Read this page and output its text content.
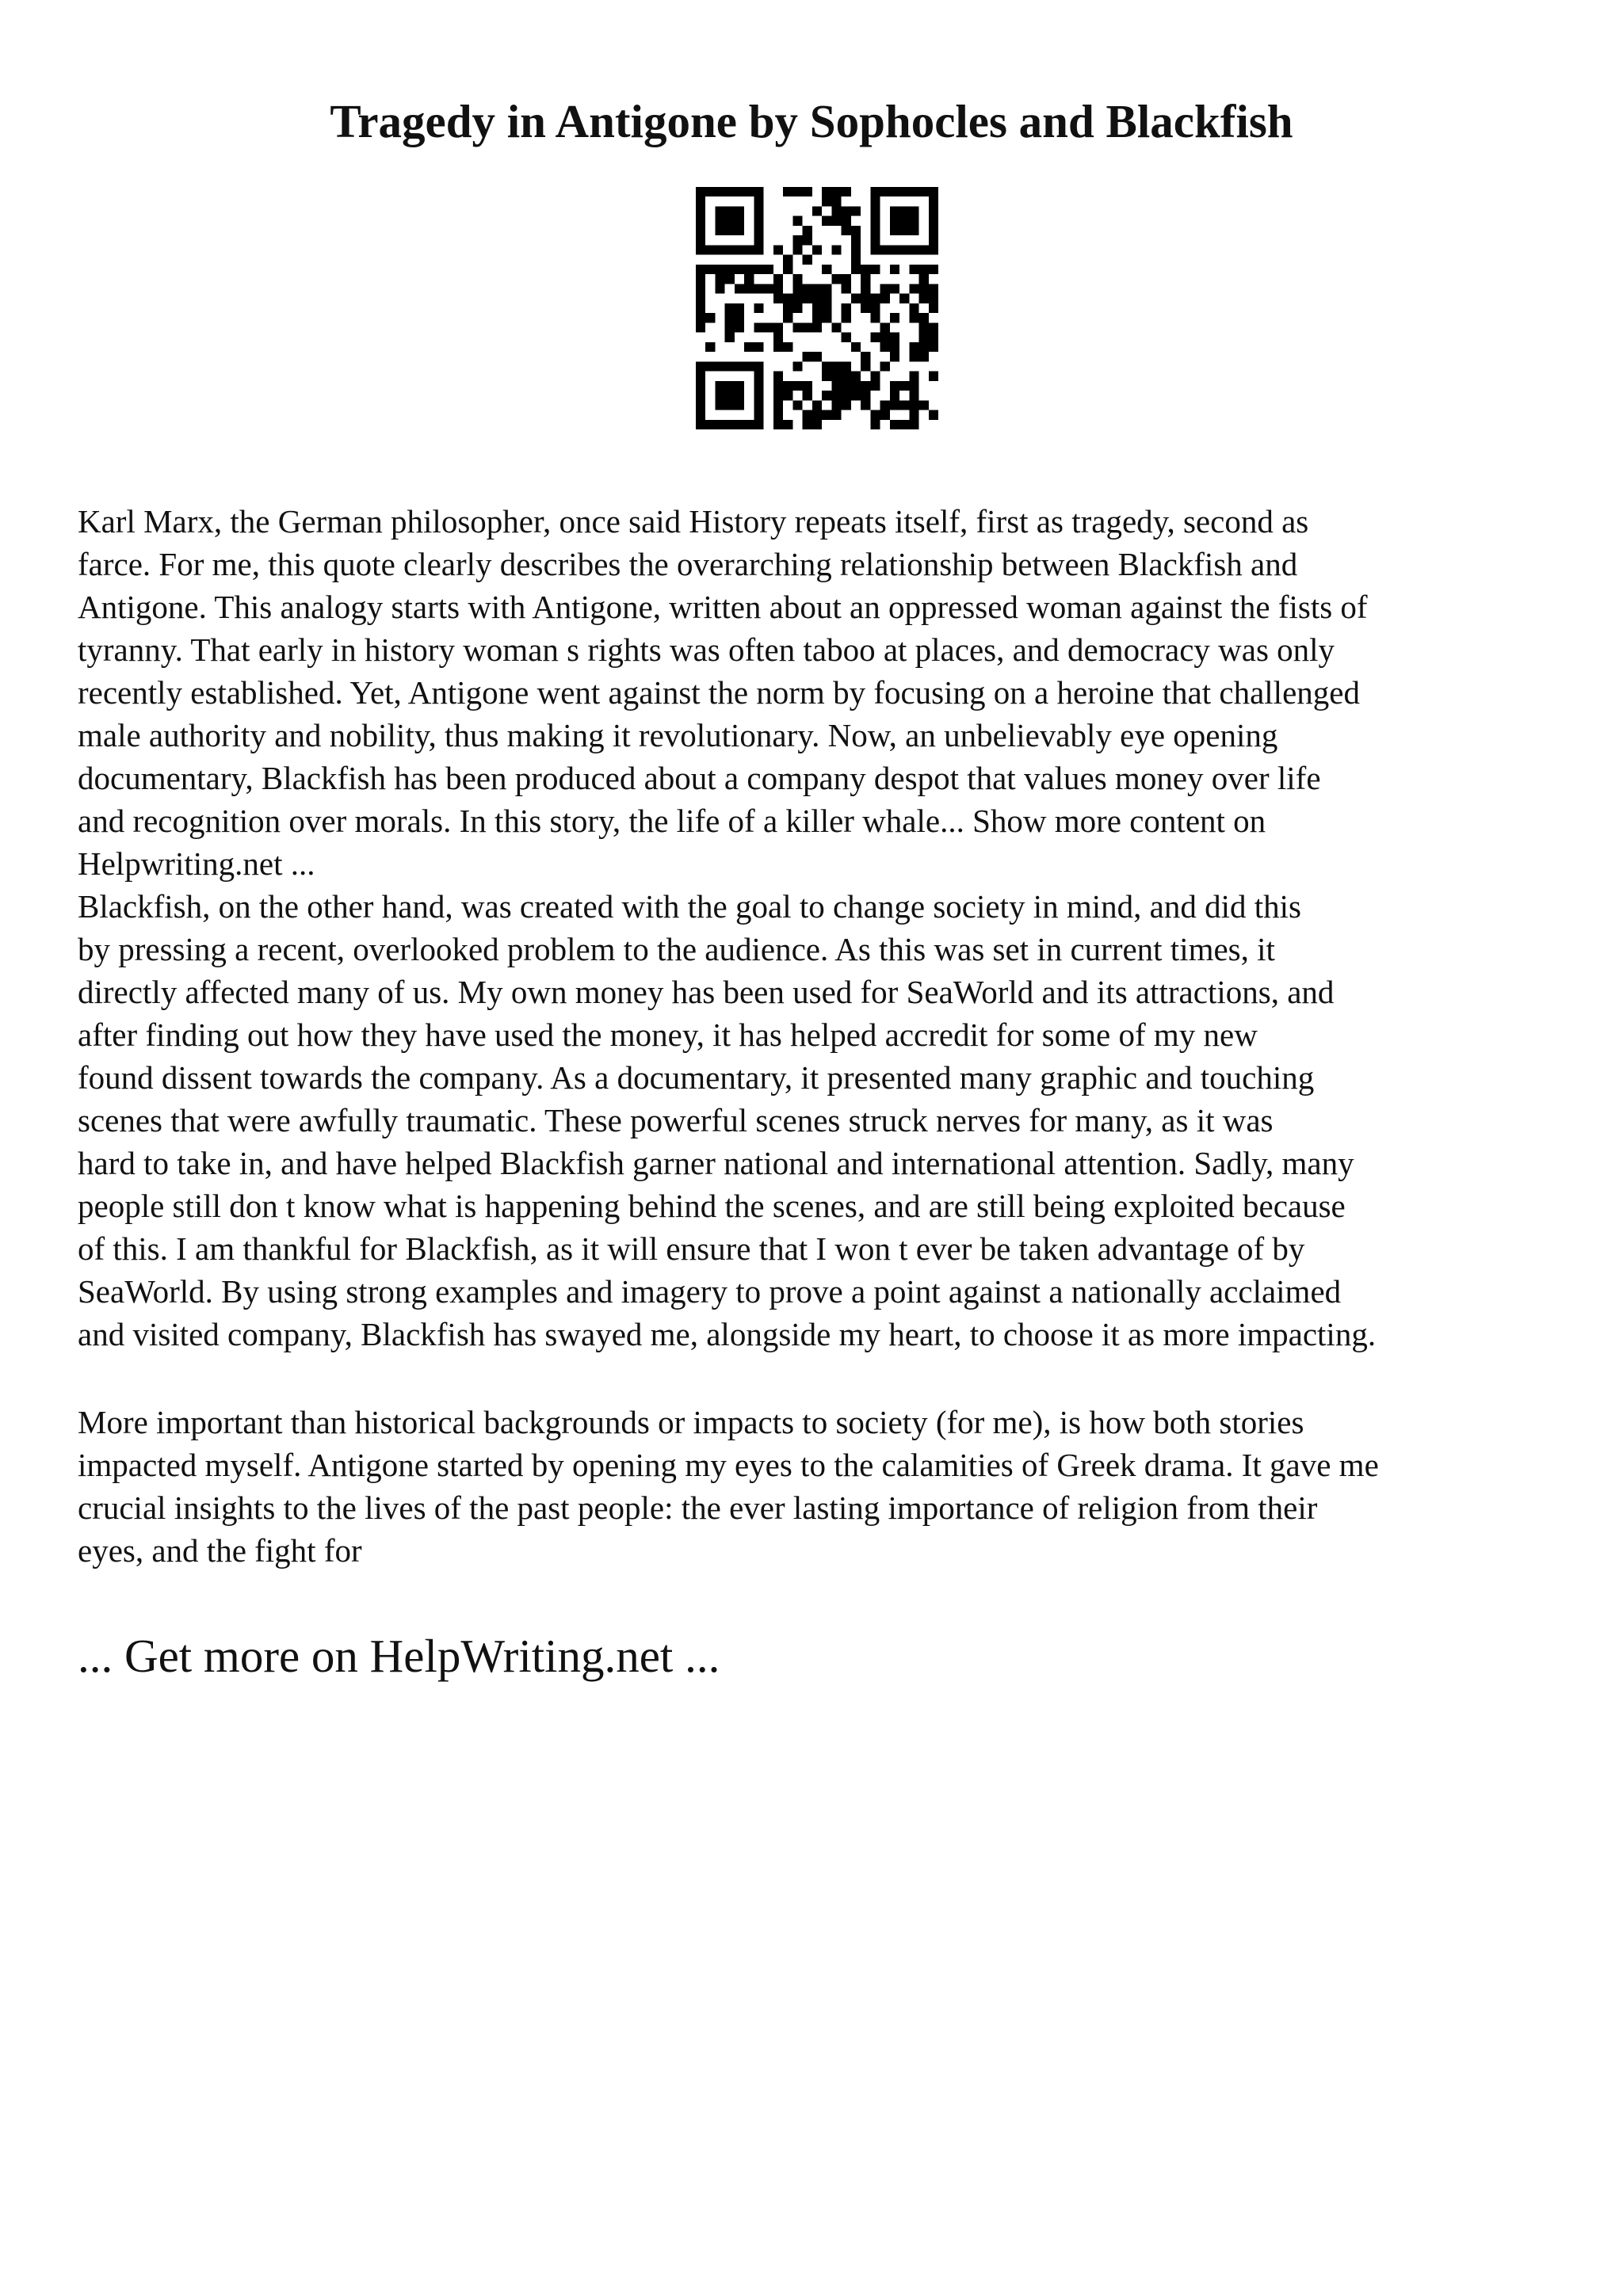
Tragedy in Antigone by Sophocles and Blackfish

Karl Marx, the German philosopher, once said History repeats itself, first as tragedy, second as

farce. For me, this quote clearly describes the overarching relationship between Blackfish and

Antigone. This analogy starts with Antigone, written about an oppressed woman against the fists of

tyranny. That early in history woman s rights was often taboo at places, and democracy was only

recently established. Yet, Antigone went against the norm by focusing on a heroine that challenged

male authority and nobility, thus making it revolutionary. Now, an unbelievably eye opening

documentary, Blackfish has been produced about a company despot that values money over life

and recognition over morals. In this story, the life of a killer whale... Show more content on

Helpwriting.net ...

Blackfish, on the other hand, was created with the goal to change society in mind, and did this

by pressing a recent, overlooked problem to the audience. As this was set in current times, it

directly affected many of us. My own money has been used for SeaWorld and its attractions, and

after finding out how they have used the money, it has helped accredit for some of my new

found dissent towards the company. As a documentary, it presented many graphic and touching

scenes that were awfully traumatic. These powerful scenes struck nerves for many, as it was

hard to take in, and have helped Blackfish garner national and international attention. Sadly, many

people still don t know what is happening behind the scenes, and are still being exploited because

of this. I am thankful for Blackfish, as it will ensure that I won t ever be taken advantage of by

SeaWorld. By using strong examples and imagery to prove a point against a nationally acclaimed

and visited company, Blackfish has swayed me, alongside my heart, to choose it as more impacting.

More important than historical backgrounds or impacts to society (for me), is how both stories

impacted myself. Antigone started by opening my eyes to the calamities of Greek drama. It gave me

crucial insights to the lives of the past people: the ever lasting importance of religion from their

eyes, and the fight for

... Get more on HelpWriting.net ...
